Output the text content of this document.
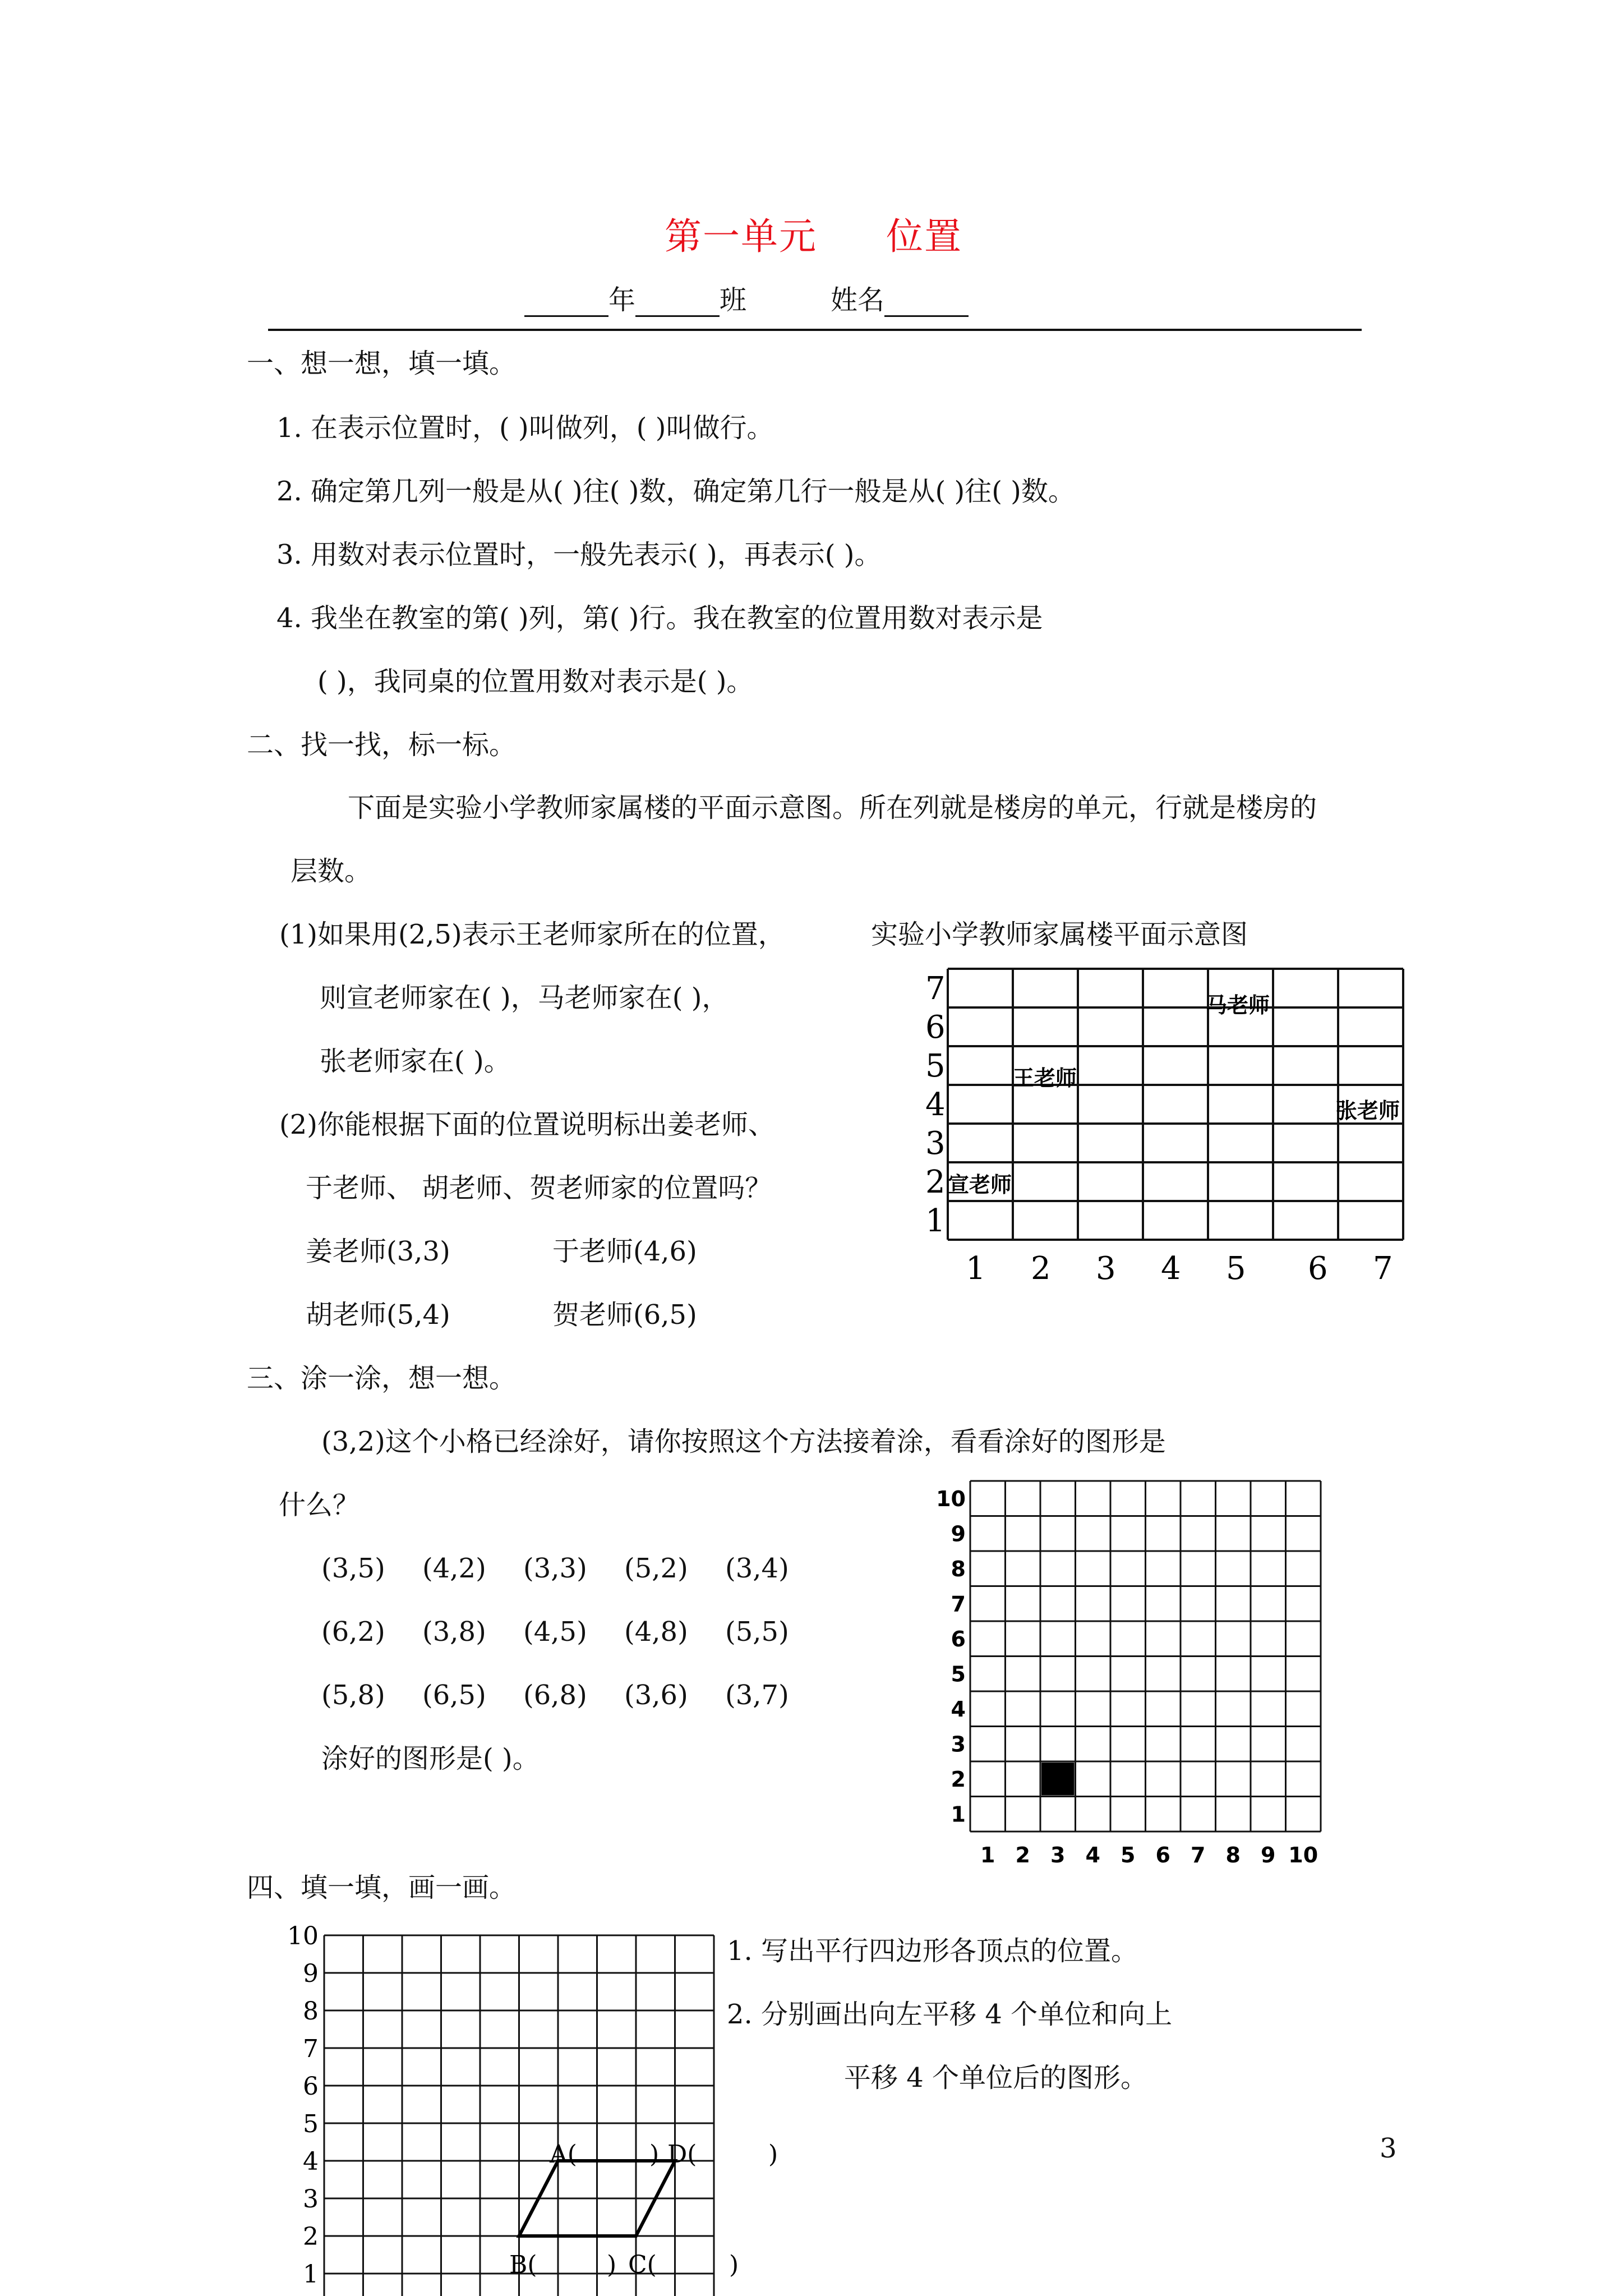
第一单元 位置
年	班	姓名
一、想一想，填一填。
1. 在表示位置时，( )叫做列，( )叫做行。
2. 确定第几列一般是从( )往( )数，确定第几行一般是从( )往( )数。
3. 用数对表示位置时，一般先表示( )，再表示( )。
4. 我坐在教室的第( )列，第( )行。我在教室的位置用数对表示是
( )，我同桌的位置用数对表示是( )。
二、找一找，标一标。
下面是实验小学教师家属楼的平面示意图。所在列就是楼房的单元，行就是楼房的
层数。
(1)如果用(2,5)表示王老师家所在的位置，
则宣老师家在( )，马老师家在( )，
张老师家在( )。
(2)你能根据下面的位置说明标出姜老师、
于老师、 胡老师、贺老师家的位置吗？
姜老师(3,3)	于老师(4,6)
胡老师(5,4)	贺老师(6,5)
实验小学教师家属楼平面示意图
7
6
5
4
3
2
1
1 2 3 4 5 6 7
王老师
马老师
张老师
宣老师
三、涂一涂，想一想。
(3,2)这个小格已经涂好，请你按照这个方法接着涂，看看涂好的图形是
什么？
(3,5) (4,2) (3,3) (5,2) (3,4)
(6,2) (3,8) (4,5) (4,8) (5,5)
(5,8) (6,5) (6,8) (3,6) (3,7)
涂好的图形是( )。
10
9
8
7
6
5
4
3
2
1
1 2 3 4 5 6 7 8 9 10
四、填一填，画一画。
1. 写出平行四边形各顶点的位置。
2. 分别画出向左平移 4 个单位和向上
平移 4 个单位后的图形。
10
9
8
7
6
5
4
3
2
1
A(	) D(	)
B(	) C(	)
3
